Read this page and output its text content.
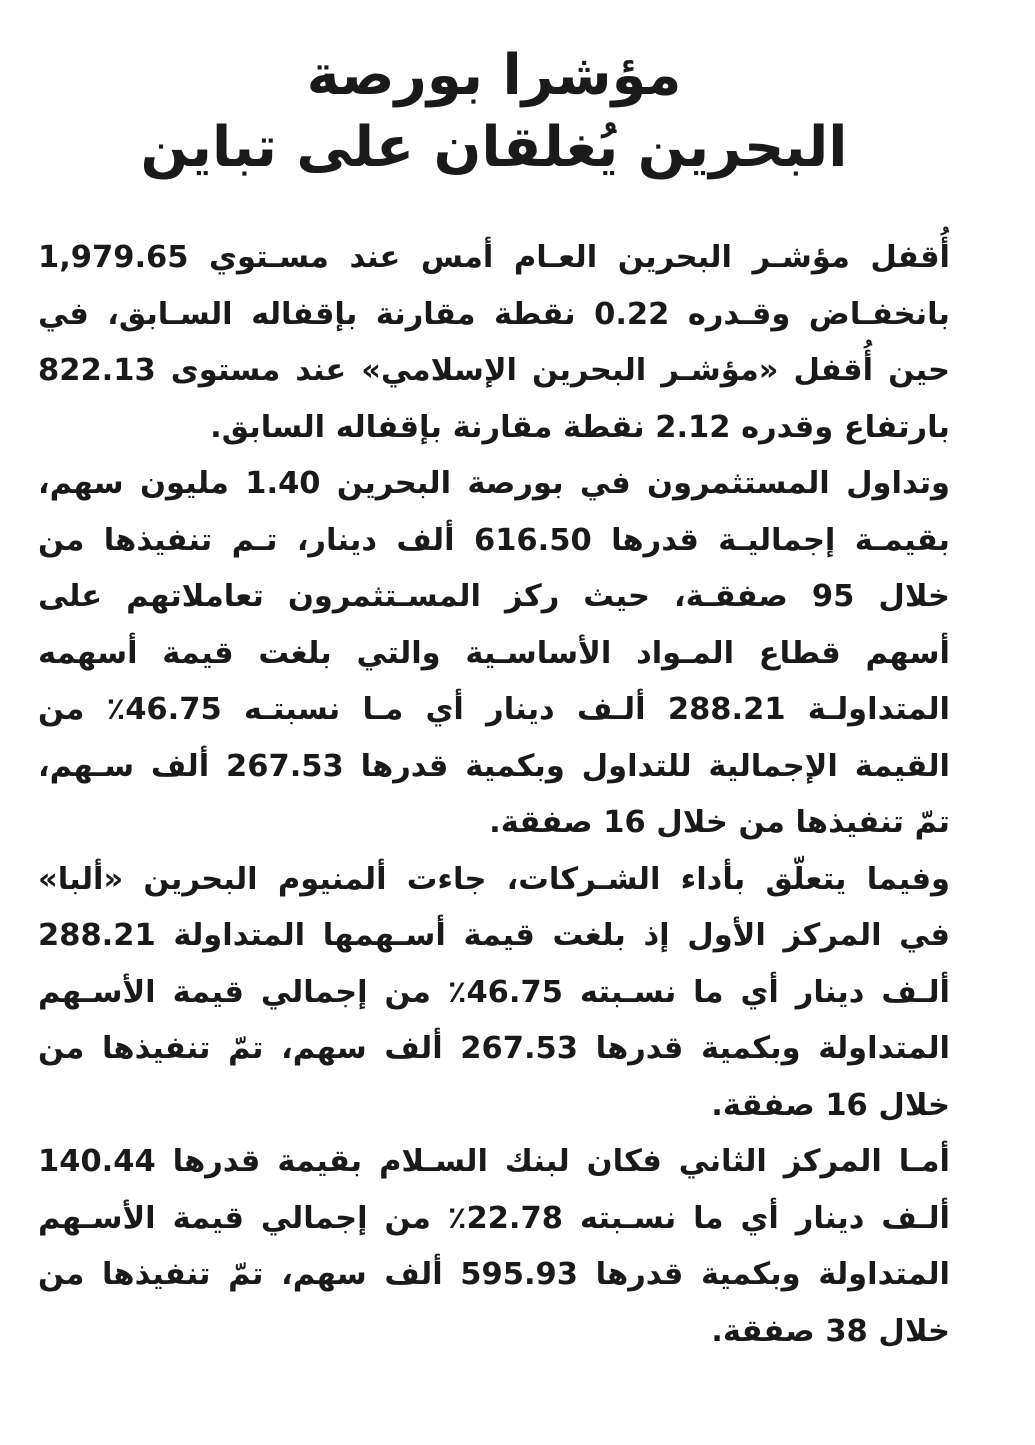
مؤشرا بورصة
البحرين يُغلقان على تباين

أُقفل مؤشـر البحرين العـام أمس عند مسـتوي 1,979.65
بانخفـاض وقـدره 0.22 نقطة مقارنة بإقفاله السـابق، في
حين أُقفل «مؤشـر البحرين الإسلامي» عند مستوى 822.13
بارتفاع وقدره 2.12 نقطة مقارنة بإقفاله السابق.

وتداول المستثمرون في بورصة البحرين 1.40 مليون سهم،
بقيمـة إجماليـة قدرها 616.50 ألف دينار، تـم تنفيذها من
خلال 95 صفقـة، حيث ركز المسـتثمرون تعاملاتهم على
أسهم قطاع المـواد الأساسـية والتي بلغت قيمة أسهمه
المتداولـة 288.21 ألـف دينار أي مـا نسبتـه 46.75٪ من
القيمة الإجمالية للتداول وبكمية قدرها 267.53 ألف سـهم،
تمّ تنفيذها من خلال 16 صفقة.

وفيما يتعلّق بأداء الشـركات، جاءت ألمنيوم البحرين «ألبا»
في المركز الأول إذ بلغت قيمة أسـهمها المتداولة 288.21
ألـف دينار أي ما نسـبته 46.75٪ من إجمالي قيمة الأسـهم
المتداولة وبكمية قدرها 267.53 ألف سهم، تمّ تنفيذها من
خلال 16 صفقة.

أمـا المركز الثاني فكان لبنك السـلام بقيمة قدرها 140.44
ألـف دينار أي ما نسـبته 22.78٪ من إجمالي قيمة الأسـهم
المتداولة وبكمية قدرها 595.93 ألف سهم، تمّ تنفيذها من
خلال 38 صفقة.
